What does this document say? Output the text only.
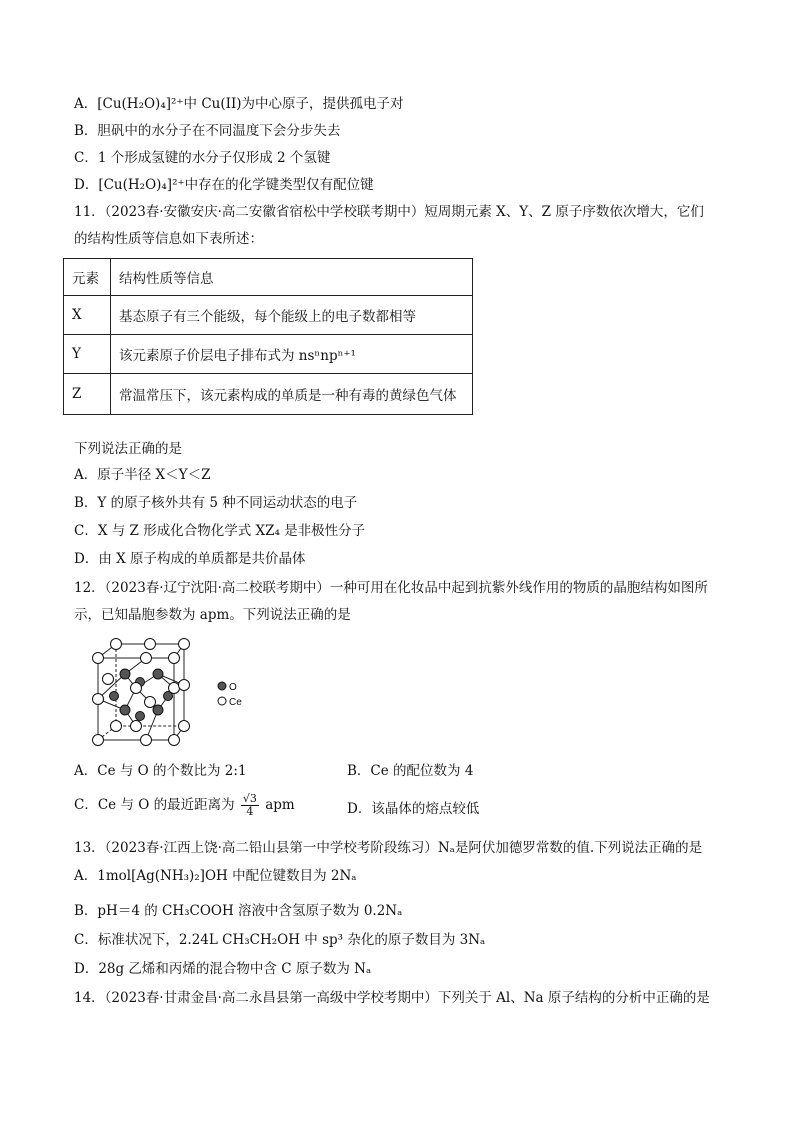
A．[Cu(H₂O)₄]²⁺中 Cu(II)为中心原子，提供孤电子对
B．胆矾中的水分子在不同温度下会分步失去
C．1 个形成氢键的水分子仅形成 2 个氢键
D．[Cu(H₂O)₄]²⁺中存在的化学键类型仅有配位键
11．（2023春·安徽安庆·高二安徽省宿松中学校联考期中）短周期元素 X、Y、Z 原子序数依次增大，它们
的结构性质等信息如下表所述：
元素	结构性质等信息
X	基态原子有三个能级，每个能级上的电子数都相等
Y	该元素原子价层电子排布式为 nsⁿnpⁿ⁺¹
Z	常温常压下，该元素构成的单质是一种有毒的黄绿色气体
下列说法正确的是
A．原子半径 X＜Y＜Z
B．Y 的原子核外共有 5 种不同运动状态的电子
C．X 与 Z 形成化合物化学式 XZ₄ 是非极性分子
D．由 X 原子构成的单质都是共价晶体
12．（2023春·辽宁沈阳·高二校联考期中）一种可用在化妆品中起到抗紫外线作用的物质的晶胞结构如图所
示，已知晶胞参数为 apm。下列说法正确的是
O
Ce
A．Ce 与 O 的个数比为 2:1	B．Ce 的配位数为 4
C．Ce 与 O 的最近距离为 $\frac{√3}{4}$ apm	D．该晶体的熔点较低
13．（2023春·江西上饶·高二铅山县第一中学校考阶段练习）Nₐ是阿伏加德罗常数的值.下列说法正确的是
A．1mol[Ag(NH₃)₂]OH 中配位键数目为 2Nₐ
B．pH＝4 的 CH₃COOH 溶液中含氢原子数为 0.2Nₐ
C．标准状况下，2.24L CH₃CH₂OH 中 sp³ 杂化的原子数目为 3Nₐ
D．28g 乙烯和丙烯的混合物中含 C 原子数为 Nₐ
14．（2023春·甘肃金昌·高二永昌县第一高级中学校考期中）下列关于 Al、Na 原子结构的分析中正确的是
